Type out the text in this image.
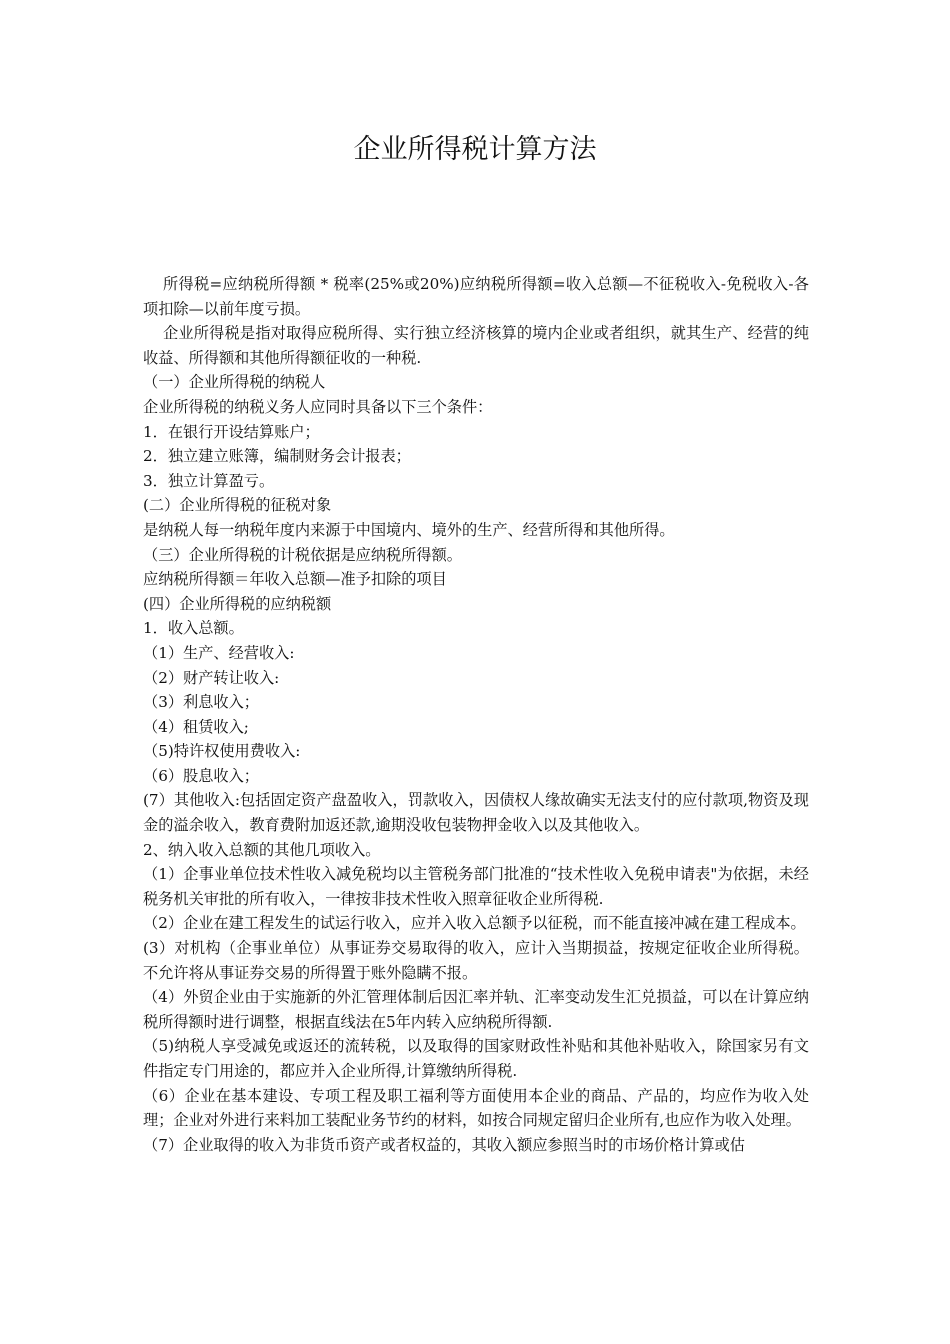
企业所得税计算方法

所得税=应纳税所得额 * 税率(25%或20%)应纳税所得额=收入总额—不征税收入-免税收入-各项扣除—以前年度亏损。

企业所得税是指对取得应税所得、实行独立经济核算的境内企业或者组织，就其生产、经营的纯收益、所得额和其他所得额征收的一种税.

（一）企业所得税的纳税人

企业所得税的纳税义务人应同时具备以下三个条件：

1．在银行开设结算账户；

2．独立建立账簿，编制财务会计报表；

3．独立计算盈亏。

(二）企业所得税的征税对象

是纳税人每一纳税年度内来源于中国境内、境外的生产、经营所得和其他所得。

（三）企业所得税的计税依据是应纳税所得额。

应纳税所得额＝年收入总额—准予扣除的项目

(四）企业所得税的应纳税额

1．收入总额。

（1）生产、经营收入:

（2）财产转让收入:

（3）利息收入；

（4）租赁收入;

（5)特许权使用费收入:

（6）股息收入；

(7）其他收入:包括固定资产盘盈收入，罚款收入，因债权人缘故确实无法支付的应付款项,物资及现金的溢余收入，教育费附加返还款,逾期没收包装物押金收入以及其他收入。

2、纳入收入总额的其他几项收入。

（1）企事业单位技术性收入减免税均以主管税务部门批准的“技术性收入免税申请表"为依据，未经税务机关审批的所有收入，一律按非技术性收入照章征收企业所得税.

（2）企业在建工程发生的试运行收入，应并入收入总额予以征税，而不能直接冲减在建工程成本。

(3）对机构（企事业单位）从事证券交易取得的收入，应计入当期损益，按规定征收企业所得税。不允许将从事证券交易的所得置于账外隐瞒不报。

（4）外贸企业由于实施新的外汇管理体制后因汇率并轨、汇率变动发生汇兑损益，可以在计算应纳税所得额时进行调整，根据直线法在5年内转入应纳税所得额.

（5)纳税人享受减免或返还的流转税，以及取得的国家财政性补贴和其他补贴收入，除国家另有文件指定专门用途的，都应并入企业所得,计算缴纳所得税.

（6）企业在基本建设、专项工程及职工福利等方面使用本企业的商品、产品的，均应作为收入处理；企业对外进行来料加工装配业务节约的材料，如按合同规定留归企业所有,也应作为收入处理。

（7）企业取得的收入为非货币资产或者权益的，其收入额应参照当时的市场价格计算或估
